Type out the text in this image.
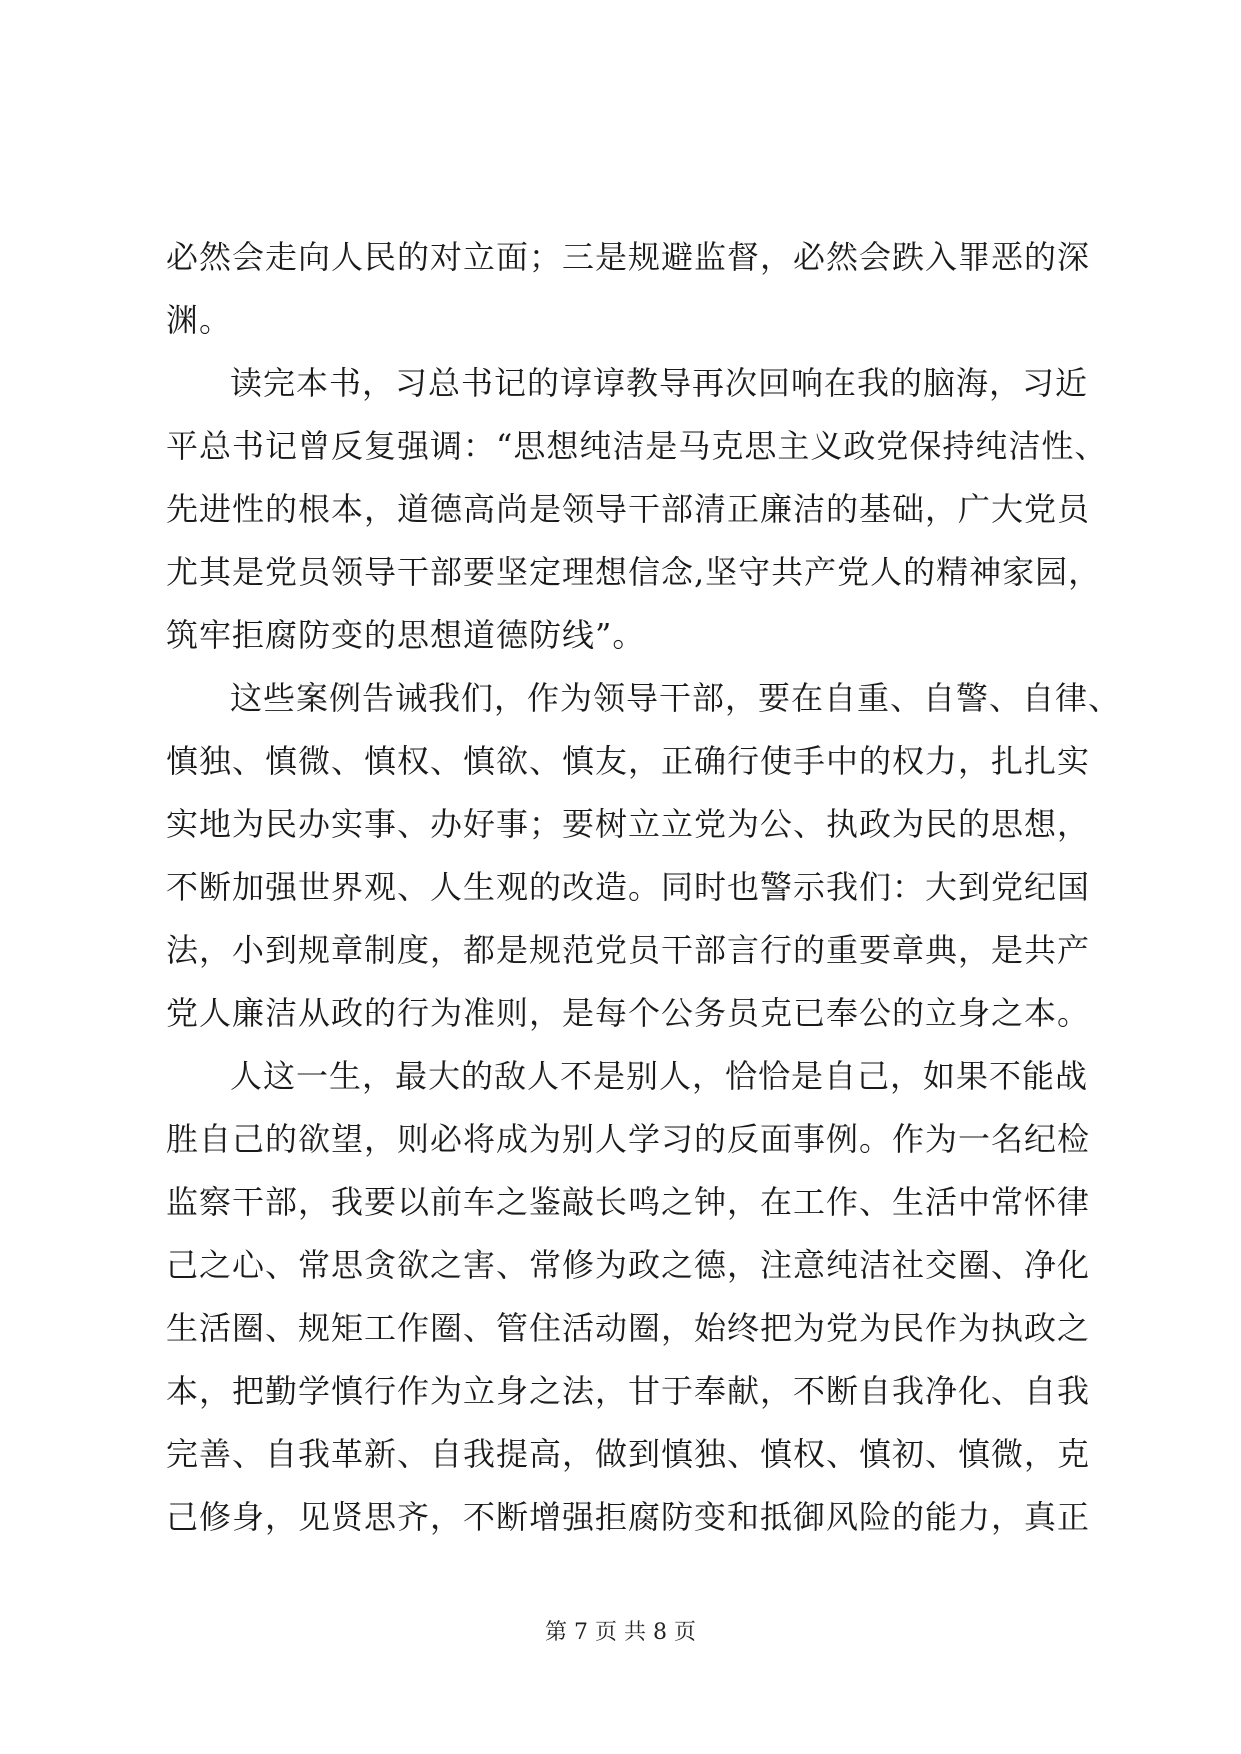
必然会走向人民的对立面；三是规避监督，必然会跌入罪恶的深
渊。
读完本书，习总书记的谆谆教导再次回响在我的脑海，习近
平总书记曾反复强调：“思想纯洁是马克思主义政党保持纯洁性、
先进性的根本，道德高尚是领导干部清正廉洁的基础，广大党员
尤其是党员领导干部要坚定理想信念,坚守共产党人的精神家园，
筑牢拒腐防变的思想道德防线”。
这些案例告诫我们，作为领导干部，要在自重、自警、自律、
慎独、慎微、慎权、慎欲、慎友，正确行使手中的权力，扎扎实
实地为民办实事、办好事；要树立立党为公、执政为民的思想，
不断加强世界观、人生观的改造。同时也警示我们：大到党纪国
法，小到规章制度，都是规范党员干部言行的重要章典，是共产
党人廉洁从政的行为准则，是每个公务员克已奉公的立身之本。
人这一生，最大的敌人不是别人，恰恰是自己，如果不能战
胜自己的欲望，则必将成为别人学习的反面事例。作为一名纪检
监察干部，我要以前车之鉴敲长鸣之钟，在工作、生活中常怀律
己之心、常思贪欲之害、常修为政之德，注意纯洁社交圈、净化
生活圈、规矩工作圈、管住活动圈，始终把为党为民作为执政之
本，把勤学慎行作为立身之法，甘于奉献，不断自我净化、自我
完善、自我革新、自我提高，做到慎独、慎权、慎初、慎微，克
己修身，见贤思齐，不断增强拒腐防变和抵御风险的能力，真正
第 7 页 共 8 页
